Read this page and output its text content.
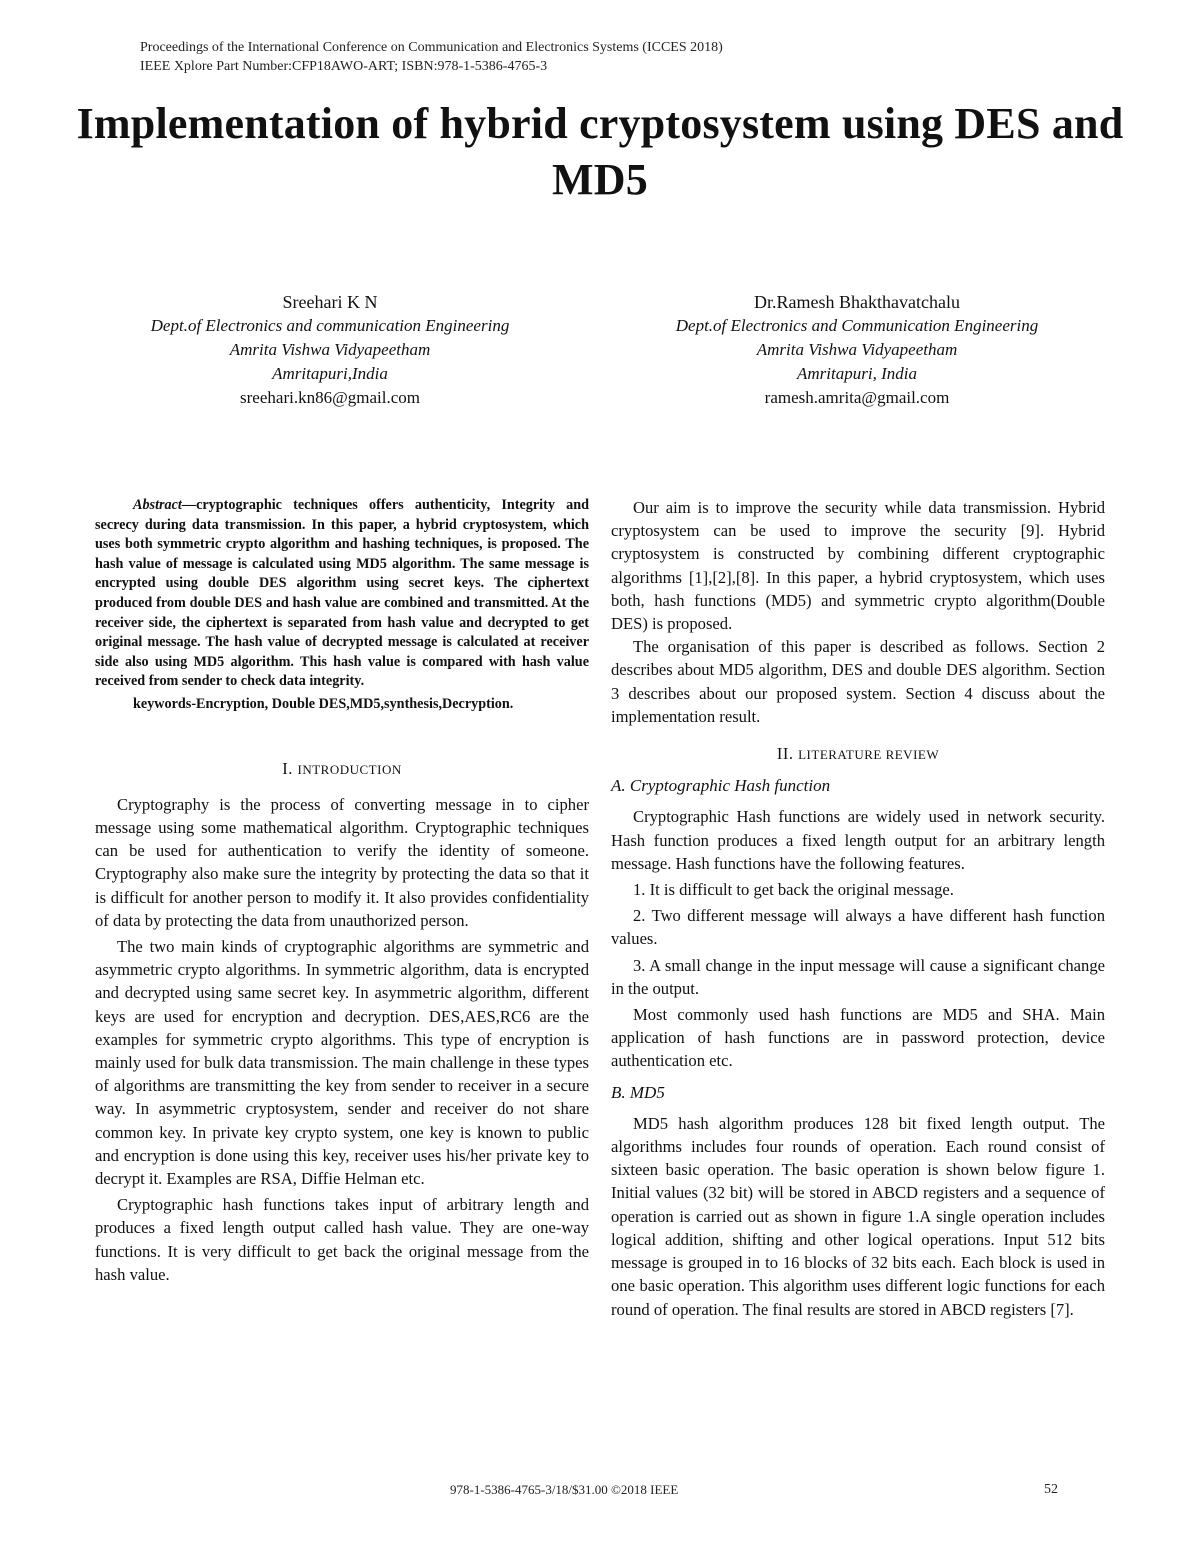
Proceedings of the International Conference on Communication and Electronics Systems (ICCES 2018)
IEEE Xplore Part Number:CFP18AWO-ART; ISBN:978-1-5386-4765-3
Implementation of hybrid cryptosystem using DES and MD5
Sreehari K N
Dept.of Electronics and communication Engineering
Amrita Vishwa Vidyapeetham
Amritapuri,India
sreehari.kn86@gmail.com
Dr.Ramesh Bhakthavatchalu
Dept.of Electronics and Communication Engineering
Amrita Vishwa Vidyapeetham
Amritapuri, India
ramesh.amrita@gmail.com

Abstract—cryptographic techniques offers authenticity, Integrity and secrecy during data transmission. In this paper, a hybrid cryptosystem, which uses both symmetric crypto algorithm and hashing techniques, is proposed. The hash value of message is calculated using MD5 algorithm. The same message is encrypted using double DES algorithm using secret keys. The ciphertext produced from double DES and hash value are combined and transmitted. At the receiver side, the ciphertext is separated from hash value and decrypted to get original message. The hash value of decrypted message is calculated at receiver side also using MD5 algorithm. This hash value is compared with hash value received from sender to check data integrity.

keywords-Encryption, Double DES,MD5,synthesis,Decryption.

I. INTRODUCTION

Cryptography is the process of converting message in to cipher message using some mathematical algorithm. Cryptographic techniques can be used for authentication to verify the identity of someone. Cryptography also make sure the integrity by protecting the data so that it is difficult for another person to modify it. It also provides confidentiality of data by protecting the data from unauthorized person.

The two main kinds of cryptographic algorithms are symmetric and asymmetric crypto algorithms. In symmetric algorithm, data is encrypted and decrypted using same secret key. In asymmetric algorithm, different keys are used for encryption and decryption. DES,AES,RC6 are the examples for symmetric crypto algorithms. This type of encryption is mainly used for bulk data transmission. The main challenge in these types of algorithms are transmitting the key from sender to receiver in a secure way. In asymmetric cryptosystem, sender and receiver do not share common key. In private key crypto system, one key is known to public and encryption is done using this key, receiver uses his/her private key to decrypt it. Examples are RSA, Diffie Helman etc.

Cryptographic hash functions takes input of arbitrary length and produces a fixed length output called hash value. They are one-way functions. It is very difficult to get back the original message from the hash value.

Our aim is to improve the security while data transmission. Hybrid cryptosystem can be used to improve the security [9]. Hybrid cryptosystem is constructed by combining different cryptographic algorithms [1],[2],[8]. In this paper, a hybrid cryptosystem, which uses both, hash functions (MD5) and symmetric crypto algorithm(Double DES) is proposed.

The organisation of this paper is described as follows. Section 2 describes about MD5 algorithm, DES and double DES algorithm. Section 3 describes about our proposed system. Section 4 discuss about the implementation result.

II. LITERATURE REVIEW
A. Cryptographic Hash function

Cryptographic Hash functions are widely used in network security. Hash function produces a fixed length output for an arbitrary length message. Hash functions have the following features.

1. It is difficult to get back the original message.

2. Two different message will always a have different hash function values.

3. A small change in the input message will cause a significant change in the output.

Most commonly used hash functions are MD5 and SHA. Main application of hash functions are in password protection, device authentication etc.

B. MD5

MD5 hash algorithm produces 128 bit fixed length output. The algorithms includes four rounds of operation. Each round consist of sixteen basic operation. The basic operation is shown below figure 1. Initial values (32 bit) will be stored in ABCD registers and a sequence of operation is carried out as shown in figure 1.A single operation includes logical addition, shifting and other logical operations. Input 512 bits message is grouped in to 16 blocks of 32 bits each. Each block is used in one basic operation. This algorithm uses different logic functions for each round of operation. The final results are stored in ABCD registers [7].

978-1-5386-4765-3/18/$31.00 ©2018 IEEE	52
